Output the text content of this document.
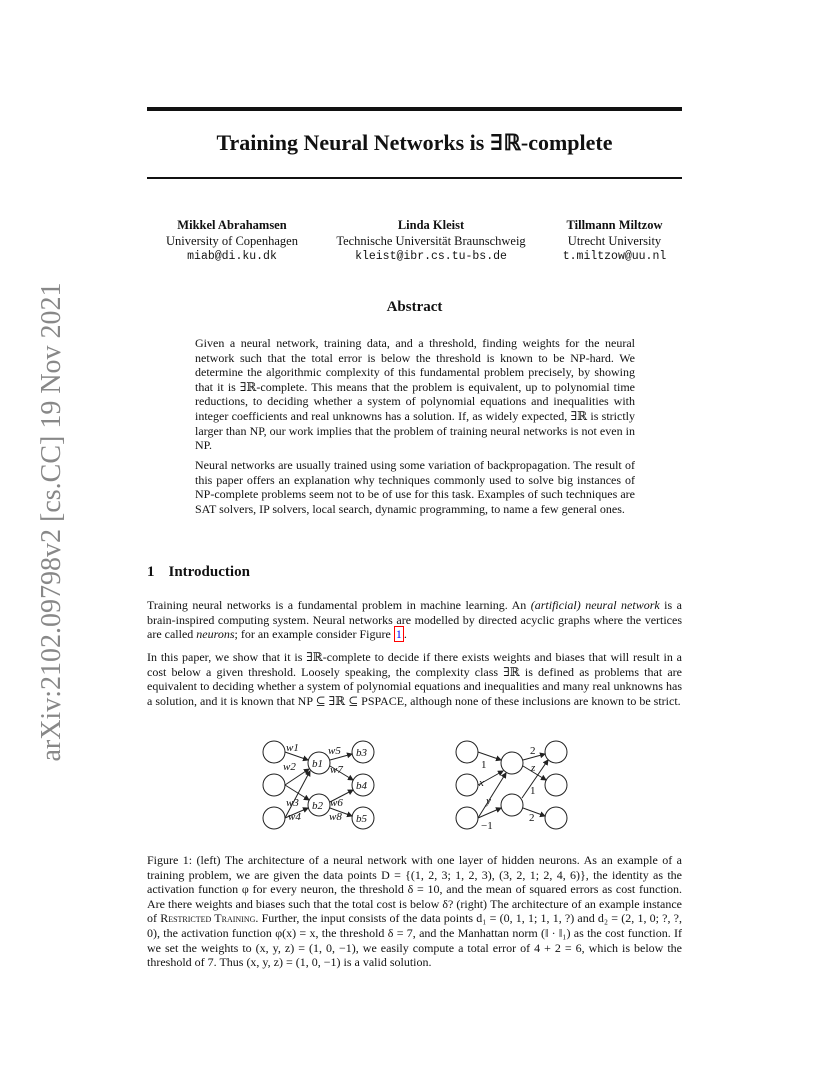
arXiv:2102.09798v2 [cs.CC] 19 Nov 2021
Training Neural Networks is ∃ℝ-complete
Mikkel Abrahamsen
University of Copenhagen
miab@di.ku.dk
Linda Kleist
Technische Universität Braunschweig
kleist@ibr.cs.tu-bs.de
Tillmann Miltzow
Utrecht University
t.miltzow@uu.nl
Abstract

Given a neural network, training data, and a threshold, finding weights for the neural network such that the total error is below the threshold is known to be NP-hard. We determine the algorithmic complexity of this fundamental problem precisely, by showing that it is ∃ℝ-complete. This means that the problem is equivalent, up to polynomial time reductions, to deciding whether a system of polynomial equations and inequalities with integer coefficients and real unknowns has a solution. If, as widely expected, ∃ℝ is strictly larger than NP, our work implies that the problem of training neural networks is not even in NP.

Neural networks are usually trained using some variation of backpropagation. The result of this paper offers an explanation why techniques commonly used to solve big instances of NP-complete problems seem not to be of use for this task. Examples of such techniques are SAT solvers, IP solvers, local search, dynamic programming, to name a few general ones.

1 Introduction

Training neural networks is a fundamental problem in machine learning. An (artificial) neural network is a brain-inspired computing system. Neural networks are modelled by directed acyclic graphs where the vertices are called neurons; for an example consider Figure 1 .

In this paper, we show that it is ∃ℝ-complete to decide if there exists weights and biases that will result in a cost below a given threshold. Loosely speaking, the complexity class ∃ℝ is defined as problems that are equivalent to deciding whether a system of polynomial equations and inequalities and many real unknowns has a solution, and it is known that NP ⊆ ∃ℝ ⊆ PSPACE, although none of these inclusions are known to be strict.

w1
w2
w3
w4
w5
w6
w7
w8
b1
b2
b3
b4
b5
1
x
y
−1
2
z
1
2

Figure 1: (left) The architecture of a neural network with one layer of hidden neurons. As an example of a training problem, we are given the data points D = {(1, 2, 3; 1, 2, 3), (3, 2, 1; 2, 4, 6)}, the identity as the activation function φ for every neuron, the threshold δ = 10, and the mean of squared errors as cost function. Are there weights and biases such that the total cost is below δ? (right) The architecture of an example instance of Restricted Training. Further, the input consists of the data points d₁ = (0, 1, 1; 1, 1, ?) and d₂ = (2, 1, 0; ?, ?, 0), the activation function φ(x) = x, the threshold δ = 7, and the Manhattan norm (‖ · ‖₁) as the cost function. If we set the weights to (x, y, z) = (1, 0, −1), we easily compute a total error of 4 + 2 = 6, which is below the threshold of 7. Thus (x, y, z) = (1, 0, −1) is a valid solution.
